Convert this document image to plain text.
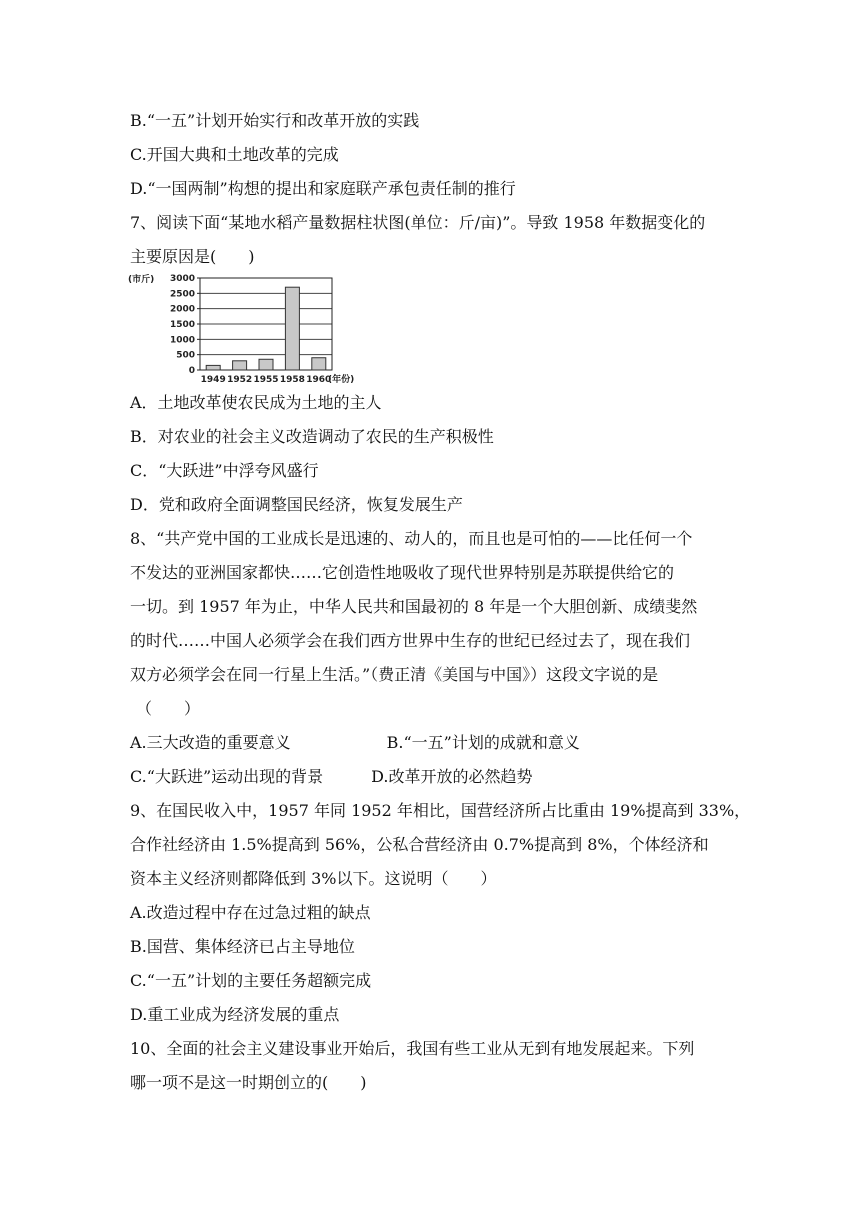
B.“一五”计划开始实行和改革开放的实践
C.开国大典和土地改革的完成
D.“一国两制”构想的提出和家庭联产承包责任制的推行
7、阅读下面“某地水稻产量数据柱状图(单位：斤/亩)”。导致 1958 年数据变化的
主要原因是(　　)
A．土地改革使农民成为土地的主人
B．对农业的社会主义改造调动了农民的生产积极性
C．“大跃进”中浮夸风盛行
D．党和政府全面调整国民经济，恢复发展生产
8、“共产党中国的工业成长是迅速的、动人的，而且也是可怕的——比任何一个
不发达的亚洲国家都快……它创造性地吸收了现代世界特别是苏联提供给它的
一切。到 1957 年为止，中华人民共和国最初的 8 年是一个大胆创新、成绩斐然
的时代……中国人必须学会在我们西方世界中生存的世纪已经过去了，现在我们
双方必须学会在同一行星上生活。”（费正清《美国与中国》）这段文字说的是
（　　）
A.三大改造的重要意义　　　　　　B.“一五”计划的成就和意义
C.“大跃进”运动出现的背景　　　D.改革开放的必然趋势
9、在国民收入中，1957 年同 1952 年相比，国营经济所占比重由 19%提高到 33%，
合作社经济由 1.5%提高到 56%，公私合营经济由 0.7%提高到 8%，个体经济和
资本主义经济则都降低到 3%以下。这说明（　　）
A.改造过程中存在过急过粗的缺点
B.国营、集体经济已占主导地位
C.“一五”计划的主要任务超额完成
D.重工业成为经济发展的重点
10、全面的社会主义建设事业开始后，我国有些工业从无到有地发展起来。下列
哪一项不是这一时期创立的(　　)
(市斤)
(年份)
3000
2500
2000
1500
1000
500
0
1949 1952 1955 1958 1960
